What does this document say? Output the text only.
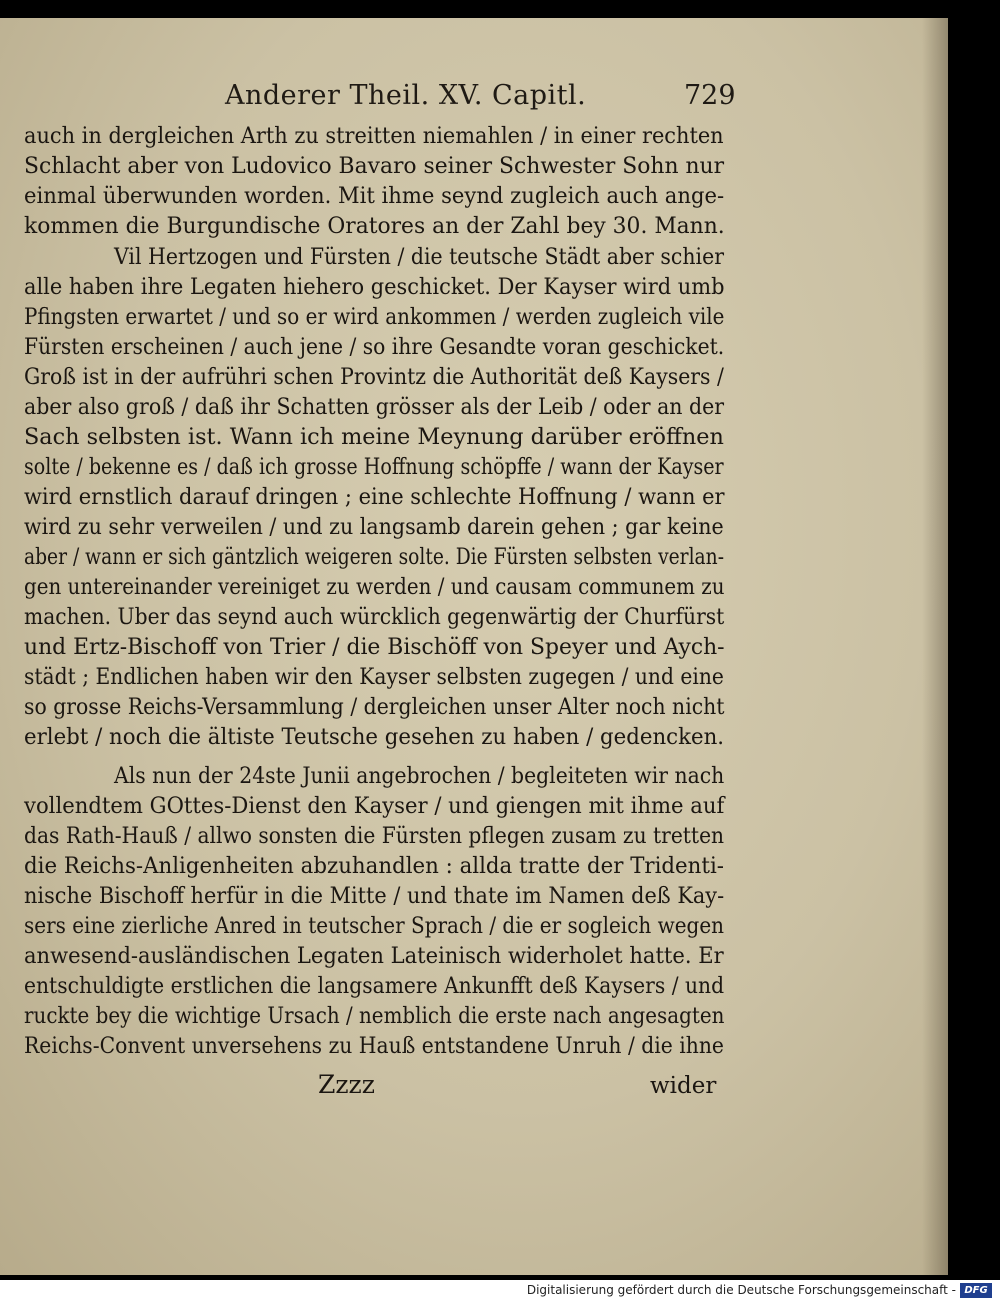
Anderer Theil. XV. Capitl.	729
auch in dergleichen Arth zu streitten niemahlen / in einer rechten
Schlacht aber von Ludovico Bavaro seiner Schwester Sohn nur
einmal überwunden worden. Mit ihme seynd zugleich auch ange-
kommen die Burgundische Oratores an der Zahl bey 30. Mann.
Vil Hertzogen und Fürsten / die teutsche Städt aber schier
alle haben ihre Legaten hiehero geschicket. Der Kayser wird umb
Pfingsten erwartet / und so er wird ankommen / werden zugleich vile
Fürsten erscheinen / auch jene / so ihre Gesandte voran geschicket.
Groß ist in der aufrühri schen Provintz die Authorität deß Kaysers /
aber also groß / daß ihr Schatten grösser als der Leib / oder an der
Sach selbsten ist. Wann ich meine Meynung darüber eröffnen
solte / bekenne es / daß ich grosse Hoffnung schöpffe / wann der Kayser
wird ernstlich darauf dringen ; eine schlechte Hoffnung / wann er
wird zu sehr verweilen / und zu langsamb darein gehen ; gar keine
aber / wann er sich gäntzlich weigeren solte. Die Fürsten selbsten verlan-
gen untereinander vereiniget zu werden / und causam communem zu
machen. Uber das seynd auch würcklich gegenwärtig der Churfürst
und Ertz-Bischoff von Trier / die Bischöff von Speyer und Aych-
städt ; Endlichen haben wir den Kayser selbsten zugegen / und eine
so grosse Reichs-Versammlung / dergleichen unser Alter noch nicht
erlebt / noch die ältiste Teutsche gesehen zu haben / gedencken.
Als nun der 24ste Junii angebrochen / begleiteten wir nach
vollendtem GOttes-Dienst den Kayser / und giengen mit ihme auf
das Rath-Hauß / allwo sonsten die Fürsten pflegen zusam zu tretten
die Reichs-Anligenheiten abzuhandlen : allda tratte der Tridenti-
nische Bischoff herfür in die Mitte / und thate im Namen deß Kay-
sers eine zierliche Anred in teutscher Sprach / die er sogleich wegen
anwesend-ausländischen Legaten Lateinisch widerholet hatte. Er
entschuldigte erstlichen die langsamere Ankunfft deß Kaysers / und
ruckte bey die wichtige Ursach / nemblich die erste nach angesagten
Reichs-Convent unversehens zu Hauß entstandene Unruh / die ihne
Zzzz	wider
Digitalisierung gefördert durch die Deutsche Forschungsgemeinschaft - DFG
